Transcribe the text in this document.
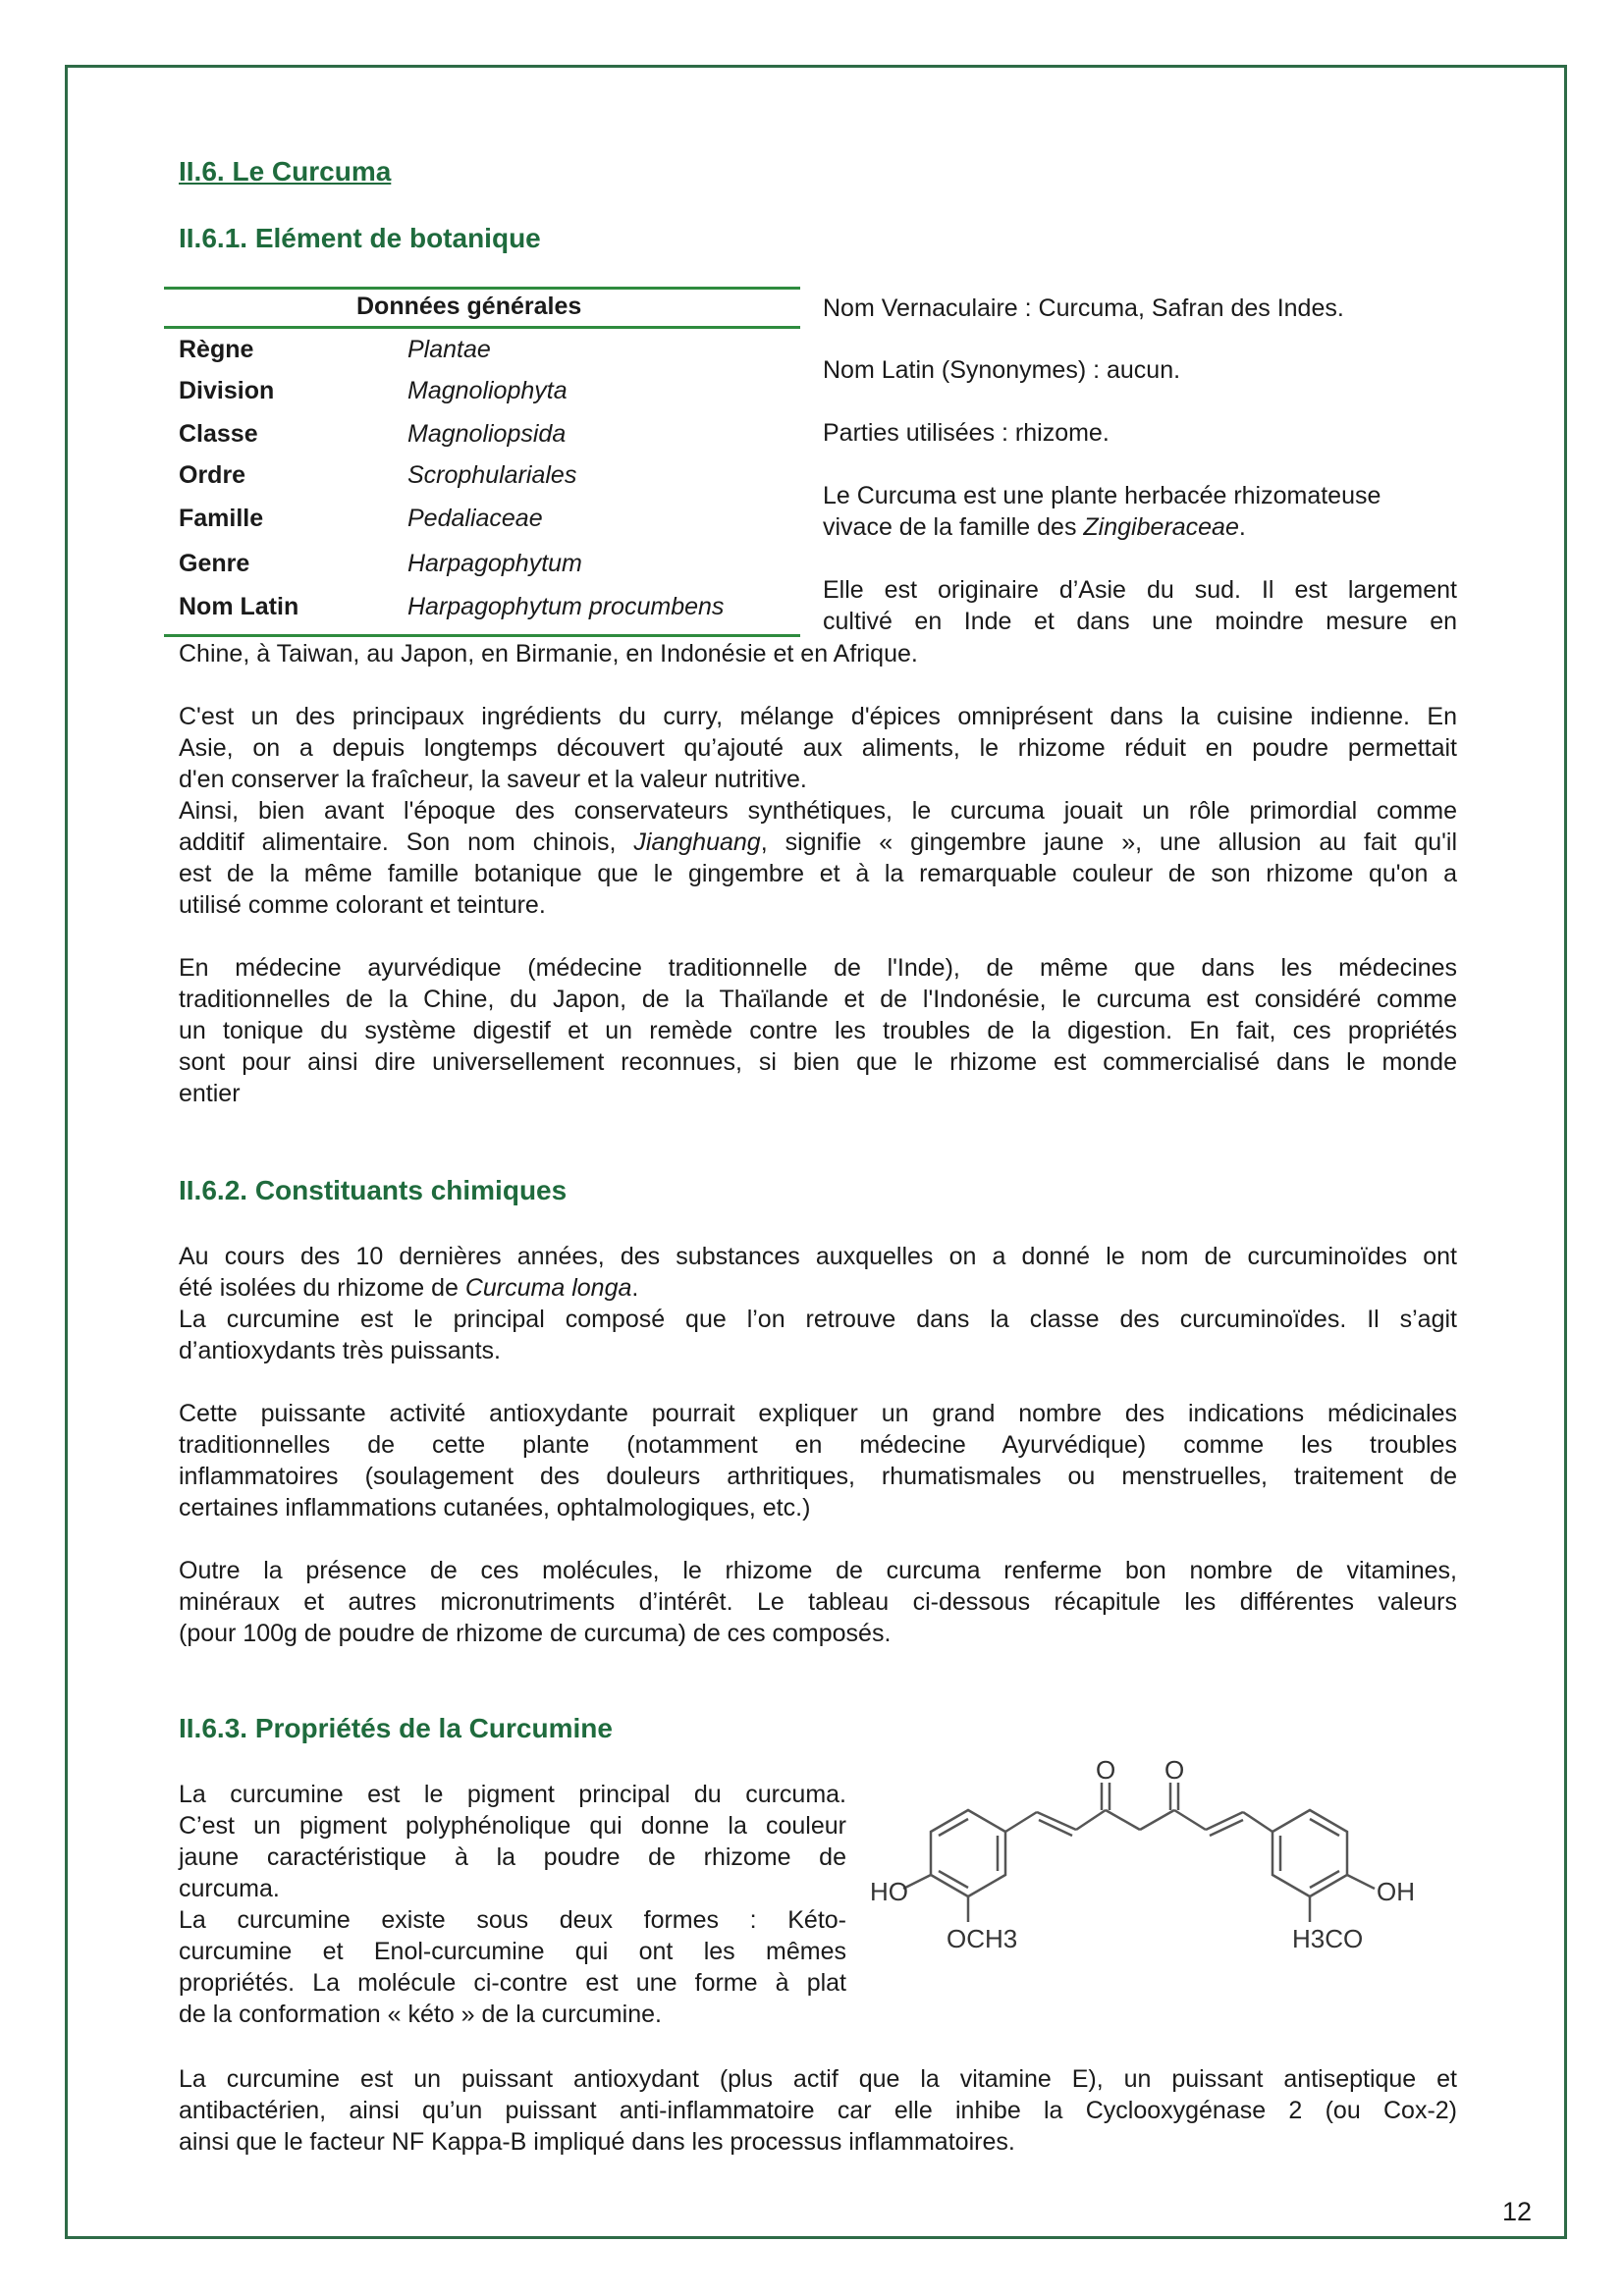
II.6. Le Curcuma
II.6.1. Elément de botanique
Données générales
Règne	Plantae
Division	Magnoliophyta
Classe	Magnoliopsida
Ordre	Scrophulariales
Famille	Pedaliaceae
Genre	Harpagophytum
Nom Latin	Harpagophytum procumbens
Nom Vernaculaire : Curcuma, Safran des Indes.
Nom Latin (Synonymes) : aucun.
Parties utilisées : rhizome.
Le Curcuma est une plante herbacée rhizomateuse
vivace de la famille des Zingiberaceae.
Elle est originaire d’Asie du sud. Il est largement
cultivé en Inde et dans une moindre mesure en
Chine, à Taiwan, au Japon, en Birmanie, en Indonésie et en Afrique.
C'est un des principaux ingrédients du curry, mélange d'épices omniprésent dans la cuisine indienne. En
Asie, on a depuis longtemps découvert qu’ajouté aux aliments, le rhizome réduit en poudre permettait
d'en conserver la fraîcheur, la saveur et la valeur nutritive.
Ainsi, bien avant l'époque des conservateurs synthétiques, le curcuma jouait un rôle primordial comme
additif alimentaire. Son nom chinois, Jianghuang, signifie « gingembre jaune », une allusion au fait qu'il
est de la même famille botanique que le gingembre et à la remarquable couleur de son rhizome qu'on a
utilisé comme colorant et teinture.
En médecine ayurvédique (médecine traditionnelle de l'Inde), de même que dans les médecines
traditionnelles de la Chine, du Japon, de la Thaïlande et de l'Indonésie, le curcuma est considéré comme
un tonique du système digestif et un remède contre les troubles de la digestion. En fait, ces propriétés
sont pour ainsi dire universellement reconnues, si bien que le rhizome est commercialisé dans le monde
entier
II.6.2. Constituants chimiques
Au cours des 10 dernières années, des substances auxquelles on a donné le nom de curcuminoïdes ont
été isolées du rhizome de Curcuma longa.
La curcumine est le principal composé que l’on retrouve dans la classe des curcuminoïdes. Il s’agit
d’antioxydants très puissants.
Cette puissante activité antioxydante pourrait expliquer un grand nombre des indications médicinales
traditionnelles de cette plante (notamment en médecine Ayurvédique) comme les troubles
inflammatoires (soulagement des douleurs arthritiques, rhumatismales ou menstruelles, traitement de
certaines inflammations cutanées, ophtalmologiques, etc.)
Outre la présence de ces molécules, le rhizome de curcuma renferme bon nombre de vitamines,
minéraux et autres micronutriments d’intérêt. Le tableau ci-dessous récapitule les différentes valeurs
(pour 100g de poudre de rhizome de curcuma) de ces composés.
II.6.3. Propriétés de la Curcumine
La curcumine est le pigment principal du curcuma.
C’est un pigment polyphénolique qui donne la couleur
jaune caractéristique à la poudre de rhizome de
curcuma.
La curcumine existe sous deux formes : Kéto-
curcumine et Enol-curcumine qui ont les mêmes
propriétés. La molécule ci-contre est une forme à plat
de la conformation « kéto » de la curcumine.
HO	OH
OCH3	H3CO
O O
La curcumine est un puissant antioxydant (plus actif que la vitamine E), un puissant antiseptique et
antibactérien, ainsi qu’un puissant anti-inflammatoire car elle inhibe la Cyclooxygénase 2 (ou Cox-2)
ainsi que le facteur NF Kappa-B impliqué dans les processus inflammatoires.
12
